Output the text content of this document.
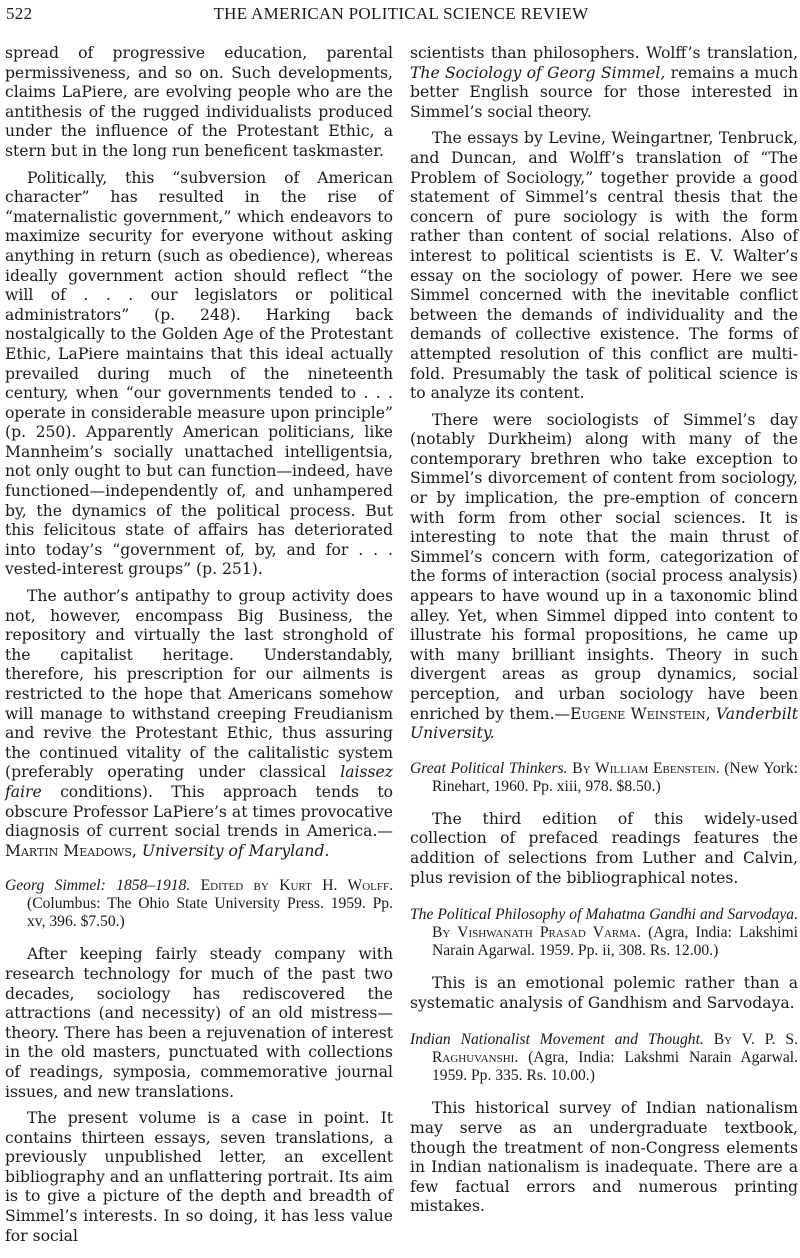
522	THE AMERICAN POLITICAL SCIENCE REVIEW

spread of progressive education, parental permissiveness, and so on. Such developments, claims LaPiere, are evolving people who are the antithesis of the rugged individualists produced under the influence of the Protestant Ethic, a stern but in the long run beneficent taskmaster.

Politically, this “subversion of American character” has resulted in the rise of “maternalistic government,” which endeavors to maximize security for everyone without asking anything in return (such as obedience), whereas ideally government action should reflect “the will of . . . our legislators or political administrators” (p. 248). Harking back nostalgically to the Golden Age of the Protestant Ethic, LaPiere maintains that this ideal actually prevailed during much of the nineteenth century, when “our governments tended to . . . operate in considerable measure upon principle” (p. 250). Apparently American politicians, like Mannheim’s socially unattached intelligentsia, not only ought to but can function—indeed, have functioned—independently of, and unhampered by, the dynamics of the political process. But this felicitous state of affairs has deteriorated into today’s “government of, by, and for . . . vested-interest groups” (p. 251).

The author’s antipathy to group activity does not, however, encompass Big Business, the repository and virtually the last stronghold of the capitalist heritage. Understandably, therefore, his prescription for our ailments is restricted to the hope that Americans somehow will manage to withstand creeping Freudianism and revive the Protestant Ethic, thus assuring the continued vitality of the calitalistic system (preferably operating under classical laissez faire conditions). This approach tends to obscure Professor LaPiere’s at times provocative diagnosis of current social trends in America.—Martin Meadows, University of Maryland.

Georg Simmel: 1858–1918. Edited by Kurt H. Wolff. (Columbus: The Ohio State University Press. 1959. Pp. xv, 396. $7.50.)

After keeping fairly steady company with research technology for much of the past two decades, sociology has rediscovered the attractions (and necessity) of an old mistress—theory. There has been a rejuvenation of interest in the old masters, punctuated with collections of readings, symposia, commemorative journal issues, and new translations.

The present volume is a case in point. It contains thirteen essays, seven translations, a previously unpublished letter, an excellent bibliography and an unflattering portrait. Its aim is to give a picture of the depth and breadth of Simmel’s interests. In so doing, it has less value for social

scientists than philosophers. Wolff’s translation, The Sociology of Georg Simmel, remains a much better English source for those interested in Simmel’s social theory.

The essays by Levine, Weingartner, Tenbruck, and Duncan, and Wolff’s translation of “The Problem of Sociology,” together provide a good statement of Simmel’s central thesis that the concern of pure sociology is with the form rather than content of social relations. Also of interest to political scientists is E. V. Walter’s essay on the sociology of power. Here we see Simmel concerned with the inevitable conflict between the demands of individuality and the demands of collective existence. The forms of attempted resolution of this conflict are multi-fold. Presumably the task of political science is to analyze its content.

There were sociologists of Simmel’s day (notably Durkheim) along with many of the contemporary brethren who take exception to Simmel’s divorcement of content from sociology, or by implication, the pre-emption of concern with form from other social sciences. It is interesting to note that the main thrust of Simmel’s concern with form, categorization of the forms of interaction (social process analysis) appears to have wound up in a taxonomic blind alley. Yet, when Simmel dipped into content to illustrate his formal propositions, he came up with many brilliant insights. Theory in such divergent areas as group dynamics, social perception, and urban sociology have been enriched by them.—Eugene Weinstein, Vanderbilt University.

Great Political Thinkers. By William Ebenstein. (New York: Rinehart, 1960. Pp. xiii, 978. $8.50.)

The third edition of this widely-used collection of prefaced readings features the addition of selections from Luther and Calvin, plus revision of the bibliographical notes.

The Political Philosophy of Mahatma Gandhi and Sarvodaya. By Vishwanath Prasad Varma. (Agra, India: Lakshimi Narain Agarwal. 1959. Pp. ii, 308. Rs. 12.00.)

This is an emotional polemic rather than a systematic analysis of Gandhism and Sarvodaya.

Indian Nationalist Movement and Thought. By V. P. S. Raghuvanshi. (Agra, India: Lakshmi Narain Agarwal. 1959. Pp. 335. Rs. 10.00.)

This historical survey of Indian nationalism may serve as an undergraduate textbook, though the treatment of non-Congress elements in Indian nationalism is inadequate. There are a few factual errors and numerous printing mistakes.
